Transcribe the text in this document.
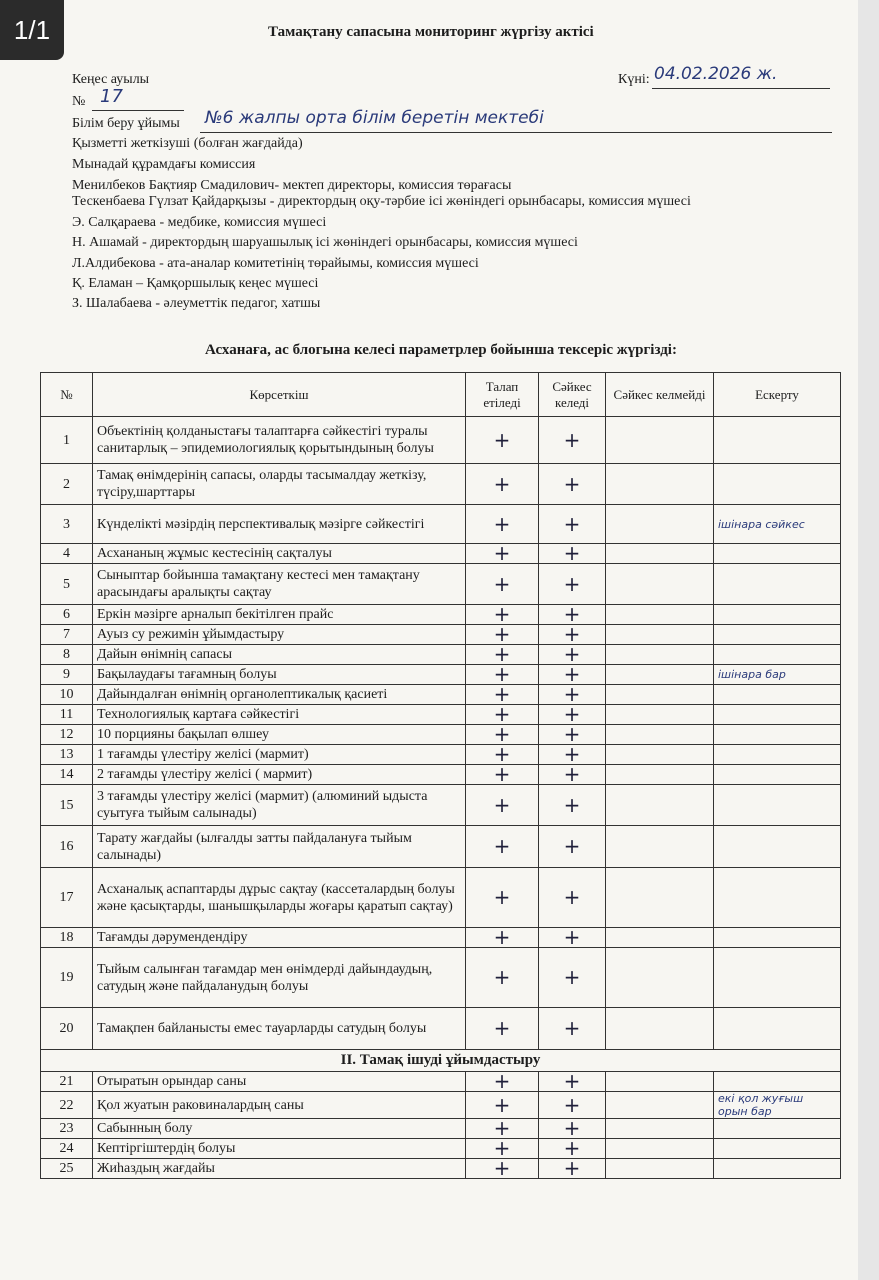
Тамақтану сапасына мониторинг жүргізу актісі
Кеңес ауылы	Күні: 04.02.2026 ж.
№ 17
Білім беру ұйымы №6 жалпы орта білім беретін мектебі
Қызметті жеткізуші (болған жағдайда)
Мынадай құрамдағы комиссия
Менилбеков Бақтияр Смадилович- мектеп директоры, комиссия төрағасы
Тескенбаева Гүлзат Қайдарқызы - директордың оқу-тәрбие ісі жөніндегі орынбасары, комиссия мүшесі
Э. Салқараева - медбике, комиссия мүшесі
Н. Ашамай - директордың шаруашылық ісі жөніндегі орынбасары, комиссия мүшесі
Л.Алдибекова - ата-аналар комитетінің төрайымы, комиссия мүшесі
Қ. Еламан – Қамқоршылық кеңес мүшесі
З. Шалабаева - әлеуметтік педагог, хатшы
Асханаға, ас блогына келесі параметрлер бойынша тексеріс жүргізді:
№	Көрсеткіш	Талап етіледі	Сәйкес келеді	Сәйкес келмейді	Ескерту
1	Объектінің қолданыстағы талаптарға сәйкестігі туралы санитарлық – эпидемиологиялық қорытындының болуы	+	+		
2	Тамақ өнімдерінің сапасы, оларды тасымалдау жеткізу, түсіру,шарттары	+	+		
3	Күнделікті мәзірдің перспективалық мәзірге сәйкестігі	+	+		ішінара сәйкес
4	Асхананың жұмыс кестесінің сақталуы	+	+		
5	Сыныптар бойынша тамақтану кестесі мен тамақтану арасындағы аралықты сақтау	+	+		
6	Еркін мәзірге арналып бекітілген прайс	+	+		
7	Ауыз су режимін ұйымдастыру	+	+		
8	Дайын өнімнің сапасы	+	+		
9	Бақылаудағы тағамның болуы	+	+		ішінара бар
10	Дайындалған өнімнің органолептикалық қасиеті	+	+		
11	Технологиялық картаға сәйкестігі	+	+		
12	10 порцияны бақылап өлшеу	+	+		
13	1 тағамды үлестіру желісі (мармит)	+	+		
14	2 тағамды үлестіру желісі ( мармит)	+	+		
15	3 тағамды үлестіру желісі (мармит) (алюминий ыдыста суытуға тыйым салынады)	+	+		
16	Тарату жағдайы (ылғалды затты пайдалануға тыйым салынады)	+	+		
17	Асханалық аспаптарды дұрыс сақтау (кассеталардың болуы және қасықтарды, шанышқыларды жоғары қаратып сақтау)	+	+		
18	Тағамды дәрумендендіру	+	+		
19	Тыйым салынған тағамдар мен өнімдерді дайындаудың, сатудың және пайдаланудың болуы	+	+		
20	Тамақпен байланысты емес тауарларды сатудың болуы	+	+		
II. Тамақ ішуді ұйымдастыру					
21	Отыратын орындар саны	+	+		
22	Қол жуатын раковиналардың саны	+	+		екі қол жуғыш орын бар
23	Сабынның болу	+	+		
24	Кептіргіштердің болуы	+	+		
25	Жиһаздың жағдайы	+	+		
1/1
